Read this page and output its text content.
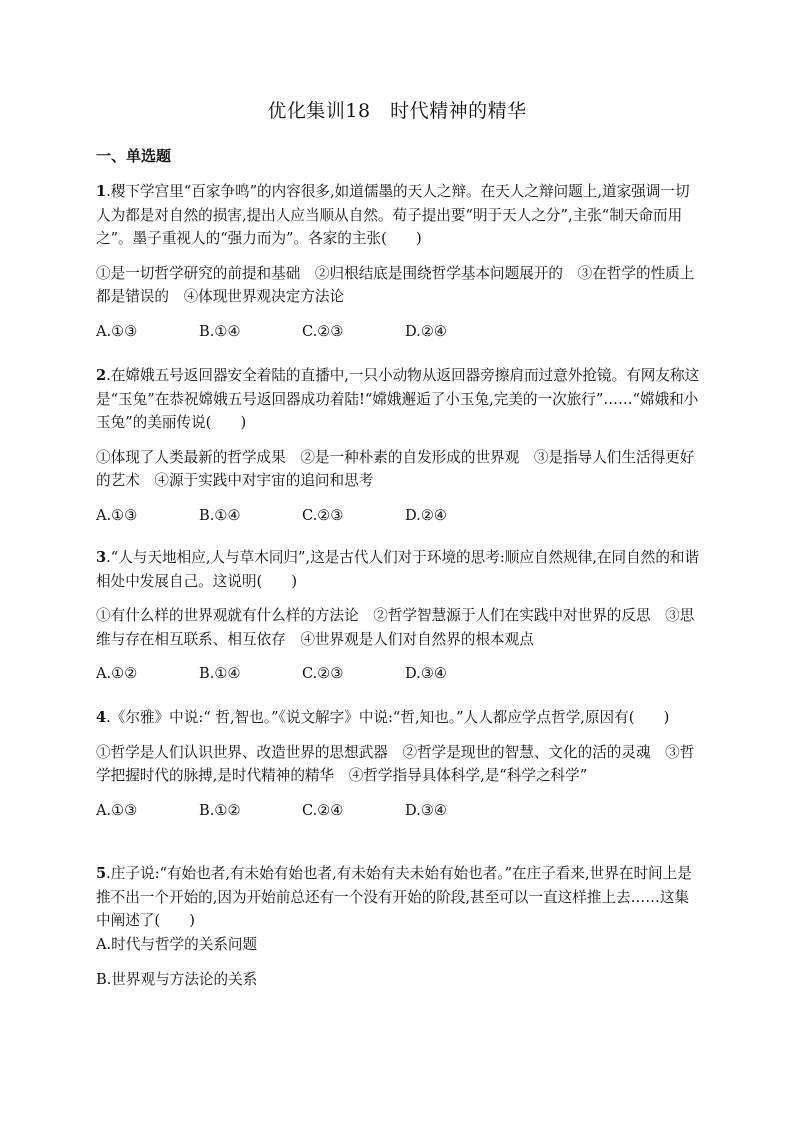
优化集训18　时代精神的精华
一、单选题

1.稷下学宫里“百家争鸣”的内容很多,如道儒墨的天人之辩。在天人之辩问题上,道家强调一切人为都是对自然的损害,提出人应当顺从自然。荀子提出要“明于天人之分”,主张“制天命而用之”。墨子重视人的“强力而为”。各家的主张(　　)

①是一切哲学研究的前提和基础　②归根结底是围绕哲学基本问题展开的　③在哲学的性质上都是错误的　④体现世界观决定方法论

A.①③	B.①④	C.②③	D.②④

2.在嫦娥五号返回器安全着陆的直播中,一只小动物从返回器旁擦肩而过意外抢镜。有网友称这是“玉兔”在恭祝嫦娥五号返回器成功着陆!“嫦娥邂逅了小玉兔,完美的一次旅行”……“嫦娥和小玉兔”的美丽传说(　　)

①体现了人类最新的哲学成果　②是一种朴素的自发形成的世界观　③是指导人们生活得更好的艺术　④源于实践中对宇宙的追问和思考

A.①③	B.①④	C.②③	D.②④

3.“人与天地相应,人与草木同归”,这是古代人们对于环境的思考:顺应自然规律,在同自然的和谐相处中发展自己。这说明(　　)

①有什么样的世界观就有什么样的方法论　②哲学智慧源于人们在实践中对世界的反思　③思维与存在相互联系、相互依存　④世界观是人们对自然界的根本观点

A.①②	B.①④	C.②③	D.③④

4.《尔雅》中说:“ 哲,智也。”《说文解字》中说:“哲,知也。”人人都应学点哲学,原因有(　　)

①哲学是人们认识世界、改造世界的思想武器　②哲学是现世的智慧、文化的活的灵魂　③哲学把握时代的脉搏,是时代精神的精华　④哲学指导具体科学,是“科学之科学”

A.①③	B.①②	C.②④	D.③④

5.庄子说:“有始也者,有未始有始也者,有未始有夫未始有始也者。”在庄子看来,世界在时间上是推不出一个开始的,因为开始前总还有一个没有开始的阶段,甚至可以一直这样推上去……这集中阐述了(　　)

A.时代与哲学的关系问题

B.世界观与方法论的关系
